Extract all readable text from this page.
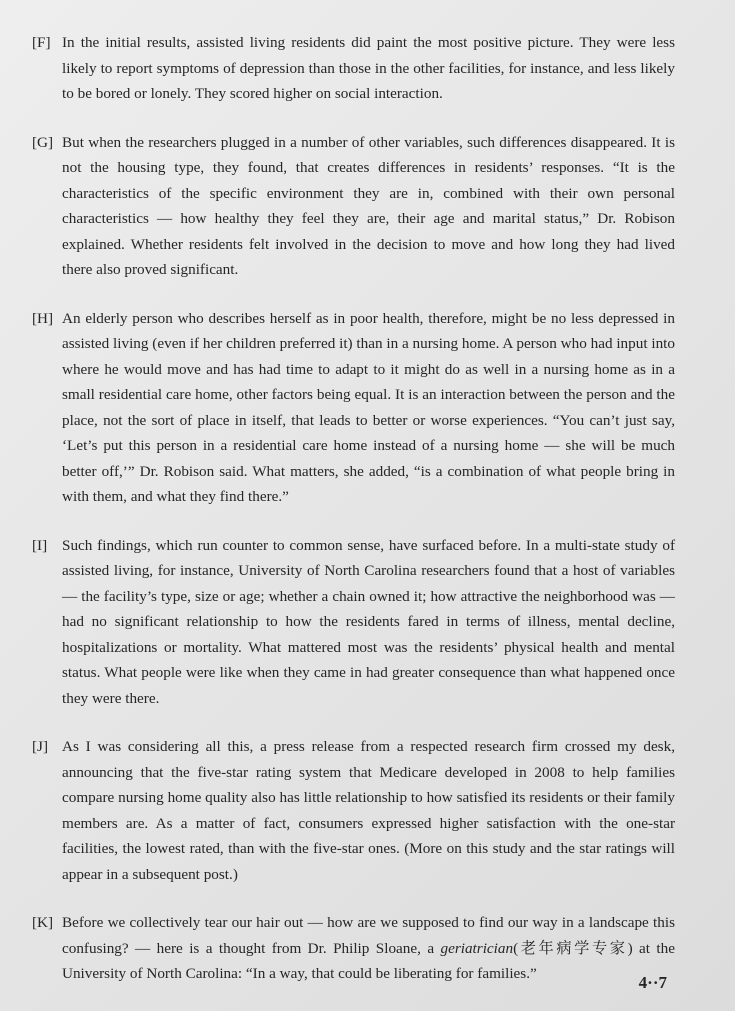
[F] In the initial results, assisted living residents did paint the most positive picture. They were less likely to report symptoms of depression than those in the other facilities, for instance, and less likely to be bored or lonely. They scored higher on social interaction.

[G] But when the researchers plugged in a number of other variables, such differences disappeared. It is not the housing type, they found, that creates differences in residents’ responses. “It is the characteristics of the specific environment they are in, combined with their own personal characteristics — how healthy they feel they are, their age and marital status,” Dr. Robison explained. Whether residents felt involved in the decision to move and how long they had lived there also proved significant.

[H] An elderly person who describes herself as in poor health, therefore, might be no less depressed in assisted living (even if her children preferred it) than in a nursing home. A person who had input into where he would move and has had time to adapt to it might do as well in a nursing home as in a small residential care home, other factors being equal. It is an interaction between the person and the place, not the sort of place in itself, that leads to better or worse experiences. “You can’t just say, ‘Let’s put this person in a residential care home instead of a nursing home — she will be much better off,’” Dr. Robison said. What matters, she added, “is a combination of what people bring in with them, and what they find there.”

[I] Such findings, which run counter to common sense, have surfaced before. In a multi-state study of assisted living, for instance, University of North Carolina researchers found that a host of variables — the facility’s type, size or age; whether a chain owned it; how attractive the neighborhood was — had no significant relationship to how the residents fared in terms of illness, mental decline, hospitalizations or mortality. What mattered most was the residents’ physical health and mental status. What people were like when they came in had greater consequence than what happened once they were there.

[J] As I was considering all this, a press release from a respected research firm crossed my desk, announcing that the five-star rating system that Medicare developed in 2008 to help families compare nursing home quality also has little relationship to how satisfied its residents or their family members are. As a matter of fact, consumers expressed higher satisfaction with the one-star facilities, the lowest rated, than with the five-star ones. (More on this study and the star ratings will appear in a subsequent post.)

[K] Before we collectively tear our hair out — how are we supposed to find our way in a landscape this confusing? — here is a thought from Dr. Philip Sloane, a geriatrician(老年病学专家) at the University of North Carolina: “In a way, that could be liberating for families.”	4··7
